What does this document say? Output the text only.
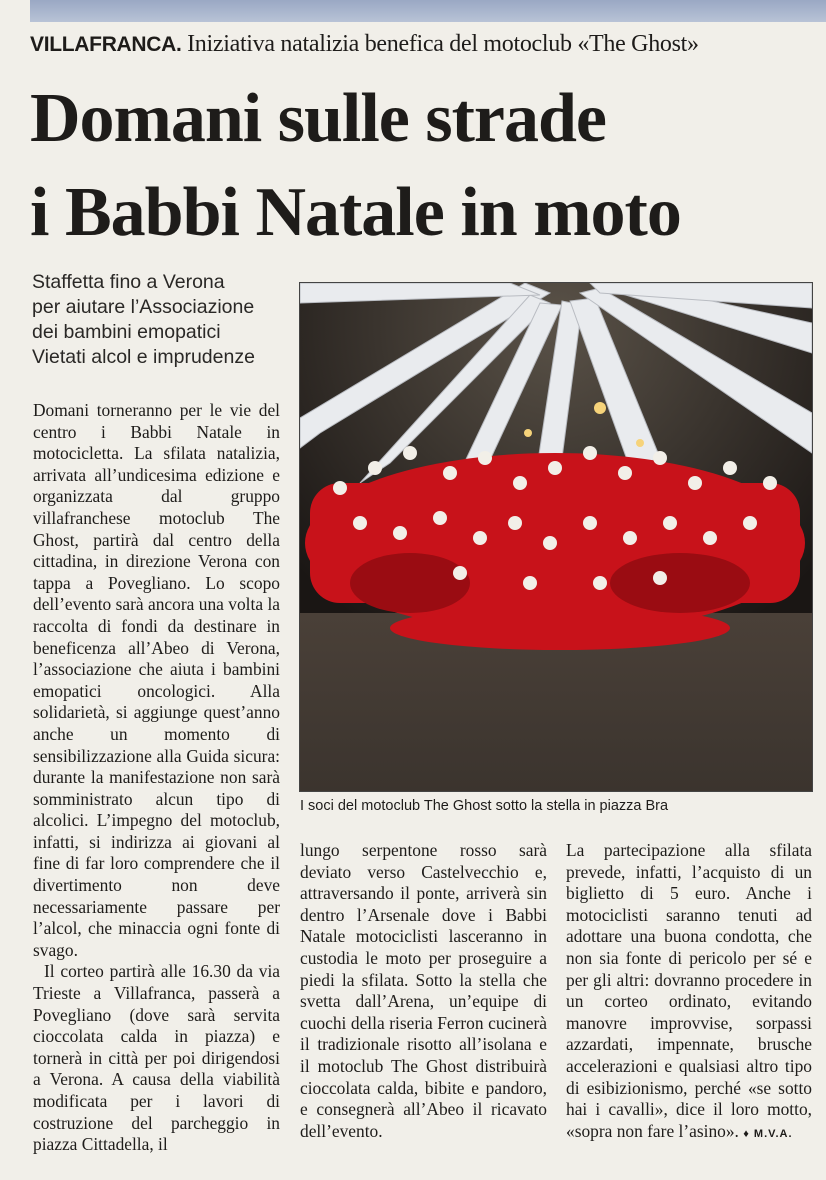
VILLAFRANCA. Iniziativa natalizia benefica del motoclub «The Ghost»
Domani sulle strade
i Babbi Natale in moto
Staffetta fino a Verona
per aiutare l’Associazione
dei bambini emopatici
Vietati alcol e imprudenze
I soci del motoclub The Ghost sotto la stella in piazza Bra

Domani torneranno per le vie del centro i Babbi Natale in motocicletta. La sfilata natalizia, arrivata all’undicesima edizione e organizzata dal gruppo villafranchese motoclub The Ghost, partirà dal centro della cittadina, in direzione Verona con tappa a Povegliano. Lo scopo dell’evento sarà ancora una volta la raccolta di fondi da destinare in beneficenza all’Abeo di Verona, l’associazione che aiuta i bambini emopatici oncologici. Alla solidarietà, si aggiunge quest’anno anche un momento di sensibilizzazione alla Guida sicura: durante la manifestazione non sarà somministrato alcun tipo di alcolici. L’impegno del motoclub, infatti, si indirizza ai giovani al fine di far loro comprendere che il divertimento non deve necessariamente passare per l’alcol, che minaccia ogni fonte di svago.

Il corteo partirà alle 16.30 da via Trieste a Villafranca, passerà a Povegliano (dove sarà servita cioccolata calda in piazza) e tornerà in città per poi dirigendosi a Verona. A causa della viabilità modificata per i lavori di costruzione del parcheggio in piazza Cittadella, il

lungo serpentone rosso sarà deviato verso Castelvecchio e, attraversando il ponte, arriverà sin dentro l’Arsenale dove i Babbi Natale motociclisti lasceranno in custodia le moto per proseguire a piedi la sfilata. Sotto la stella che svetta dall’Arena, un’equipe di cuochi della riseria Ferron cucinerà il tradizionale risotto all’isolana e il motoclub The Ghost distribuirà cioccolata calda, bibite e pandoro, e consegnerà all’Abeo il ricavato dell’evento.

La partecipazione alla sfilata prevede, infatti, l’acquisto di un biglietto di 5 euro. Anche i motociclisti saranno tenuti ad adottare una buona condotta, che non sia fonte di pericolo per sé e per gli altri: dovranno procedere in un corteo ordinato, evitando manovre improvvise, sorpassi azzardati, impennate, brusche accelerazioni e qualsiasi altro tipo di esibizionismo, perché «se sotto hai i cavalli», dice il loro motto, «sopra non fare l’asino». ♦ M.V.A.
